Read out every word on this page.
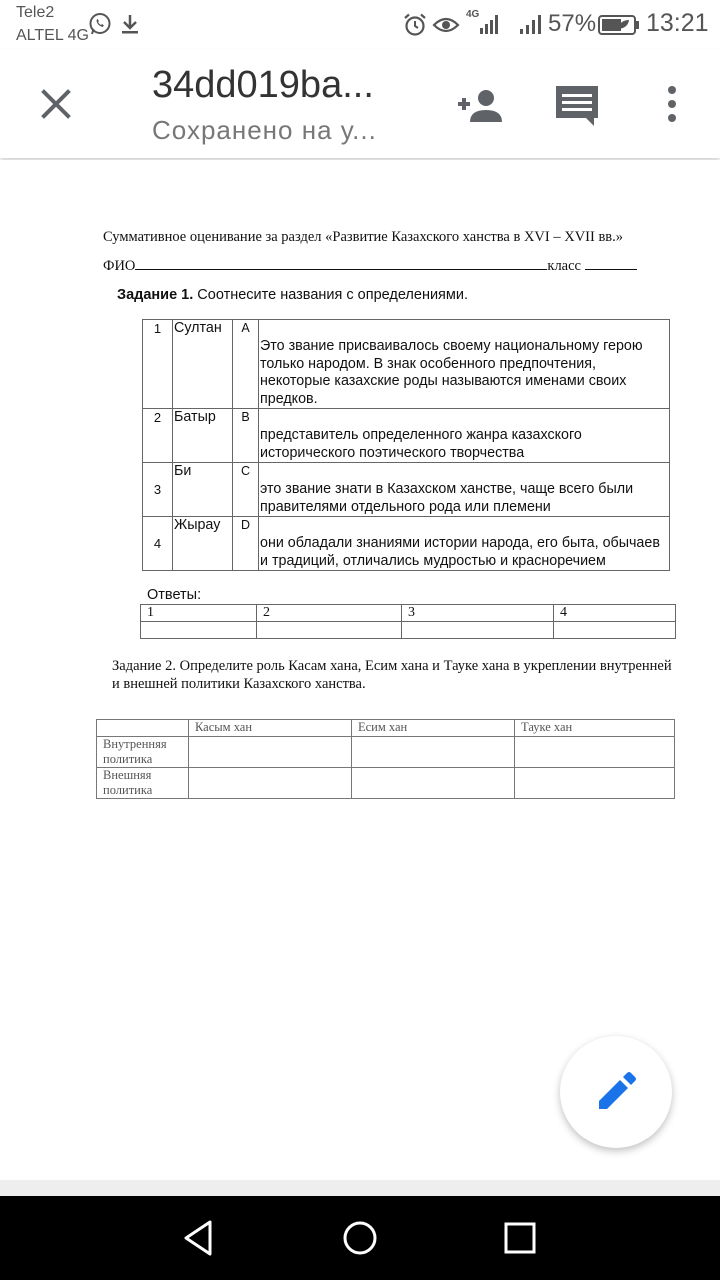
Tele2
ALTEL 4G
4G	57% 13:21
34dd019ba...
Сохранено на у...
Суммативное оценивание за раздел «Развитие Казахского ханства в XVI – XVII вв.»
ФИО	класс
Задание 1. Соотнесите названия с определениями.
1	Султан	A	Это звание присваивалось своему национальному герою только народом. В знак особенного предпочтения, некоторые казахские роды называются именами своих предков.
2	Батыр	B	представитель определенного жанра казахского исторического поэтического творчества
3	Би	C	это звание знати в Казахском ханстве, чаще всего были правителями отдельного рода или племени
4	Жырау	D	они обладали знаниями истории народа, его быта, обычаев и традиций, отличались мудростью и красноречием
Ответы:
1	2	3	4

Задание 2. Определите роль Касам хана, Есим хана и Тауке хана в укреплении внутренней и внешней политики Казахского ханства.
	Касым хан	Есим хан	Тауке хан
Внутренняя политика			
Внешняя политика			
